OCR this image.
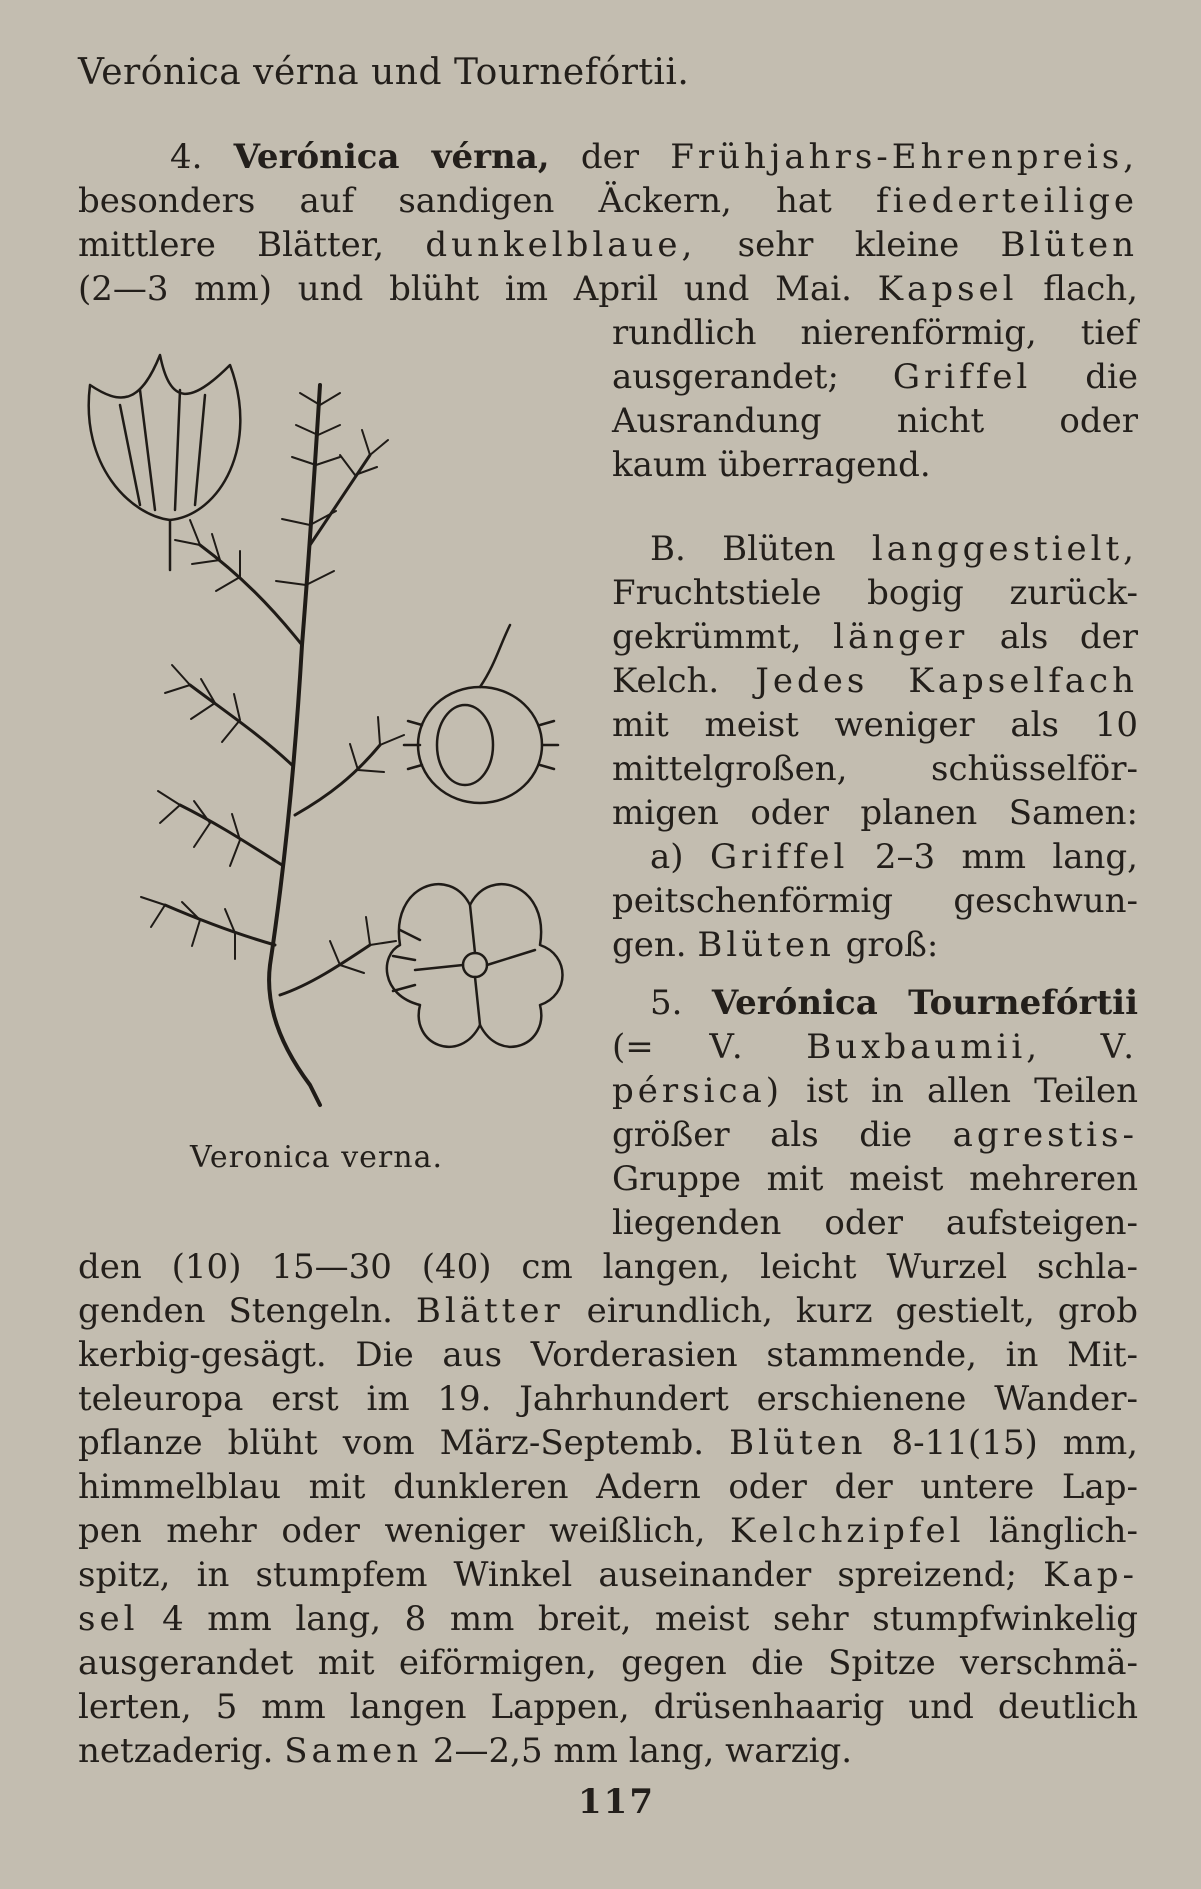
Verónica vérna und Tournefórtii.
4. Verónica vérna, der Frühjahrs-Ehrenpreis,
besonders auf sandigen Äckern, hat fiederteilige
mittlere Blätter, dunkelblaue, sehr kleine Blüten
(2—3 mm) und blüht im April und Mai. Kapsel flach,
rundlich nierenförmig, tief
ausgerandet; Griffel die
Ausrandung nicht oder
kaum überragend.
B. Blüten langgestielt,
Fruchtstiele bogig zurück-
gekrümmt, länger als der
Kelch. Jedes Kapselfach
mit meist weniger als 10
mittelgroßen, schüsselför-
migen oder planen Samen:
a) Griffel 2–3 mm lang,
peitschenförmig geschwun-
gen. Blüten groß:
5. Verónica Tournefórtii
(= V. Buxbaumii, V.
pérsica) ist in allen Teilen
größer als die agrestis-
Gruppe mit meist mehreren
liegenden oder aufsteigen-
den (10) 15—30 (40) cm langen, leicht Wurzel schla-
genden Stengeln. Blätter eirundlich, kurz gestielt, grob
kerbig-gesägt. Die aus Vorderasien stammende, in Mit-
teleuropa erst im 19. Jahrhundert erschienene Wander-
pflanze blüht vom März-Septemb. Blüten 8-11(15) mm,
himmelblau mit dunkleren Adern oder der untere Lap-
pen mehr oder weniger weißlich, Kelchzipfel länglich-
spitz, in stumpfem Winkel auseinander spreizend; Kap-
sel 4 mm lang, 8 mm breit, meist sehr stumpfwinkelig
ausgerandet mit eiförmigen, gegen die Spitze verschmä-
lerten, 5 mm langen Lappen, drüsenhaarig und deutlich
netzaderig. Samen 2—2,5 mm lang, warzig.
Veronica verna.
117
